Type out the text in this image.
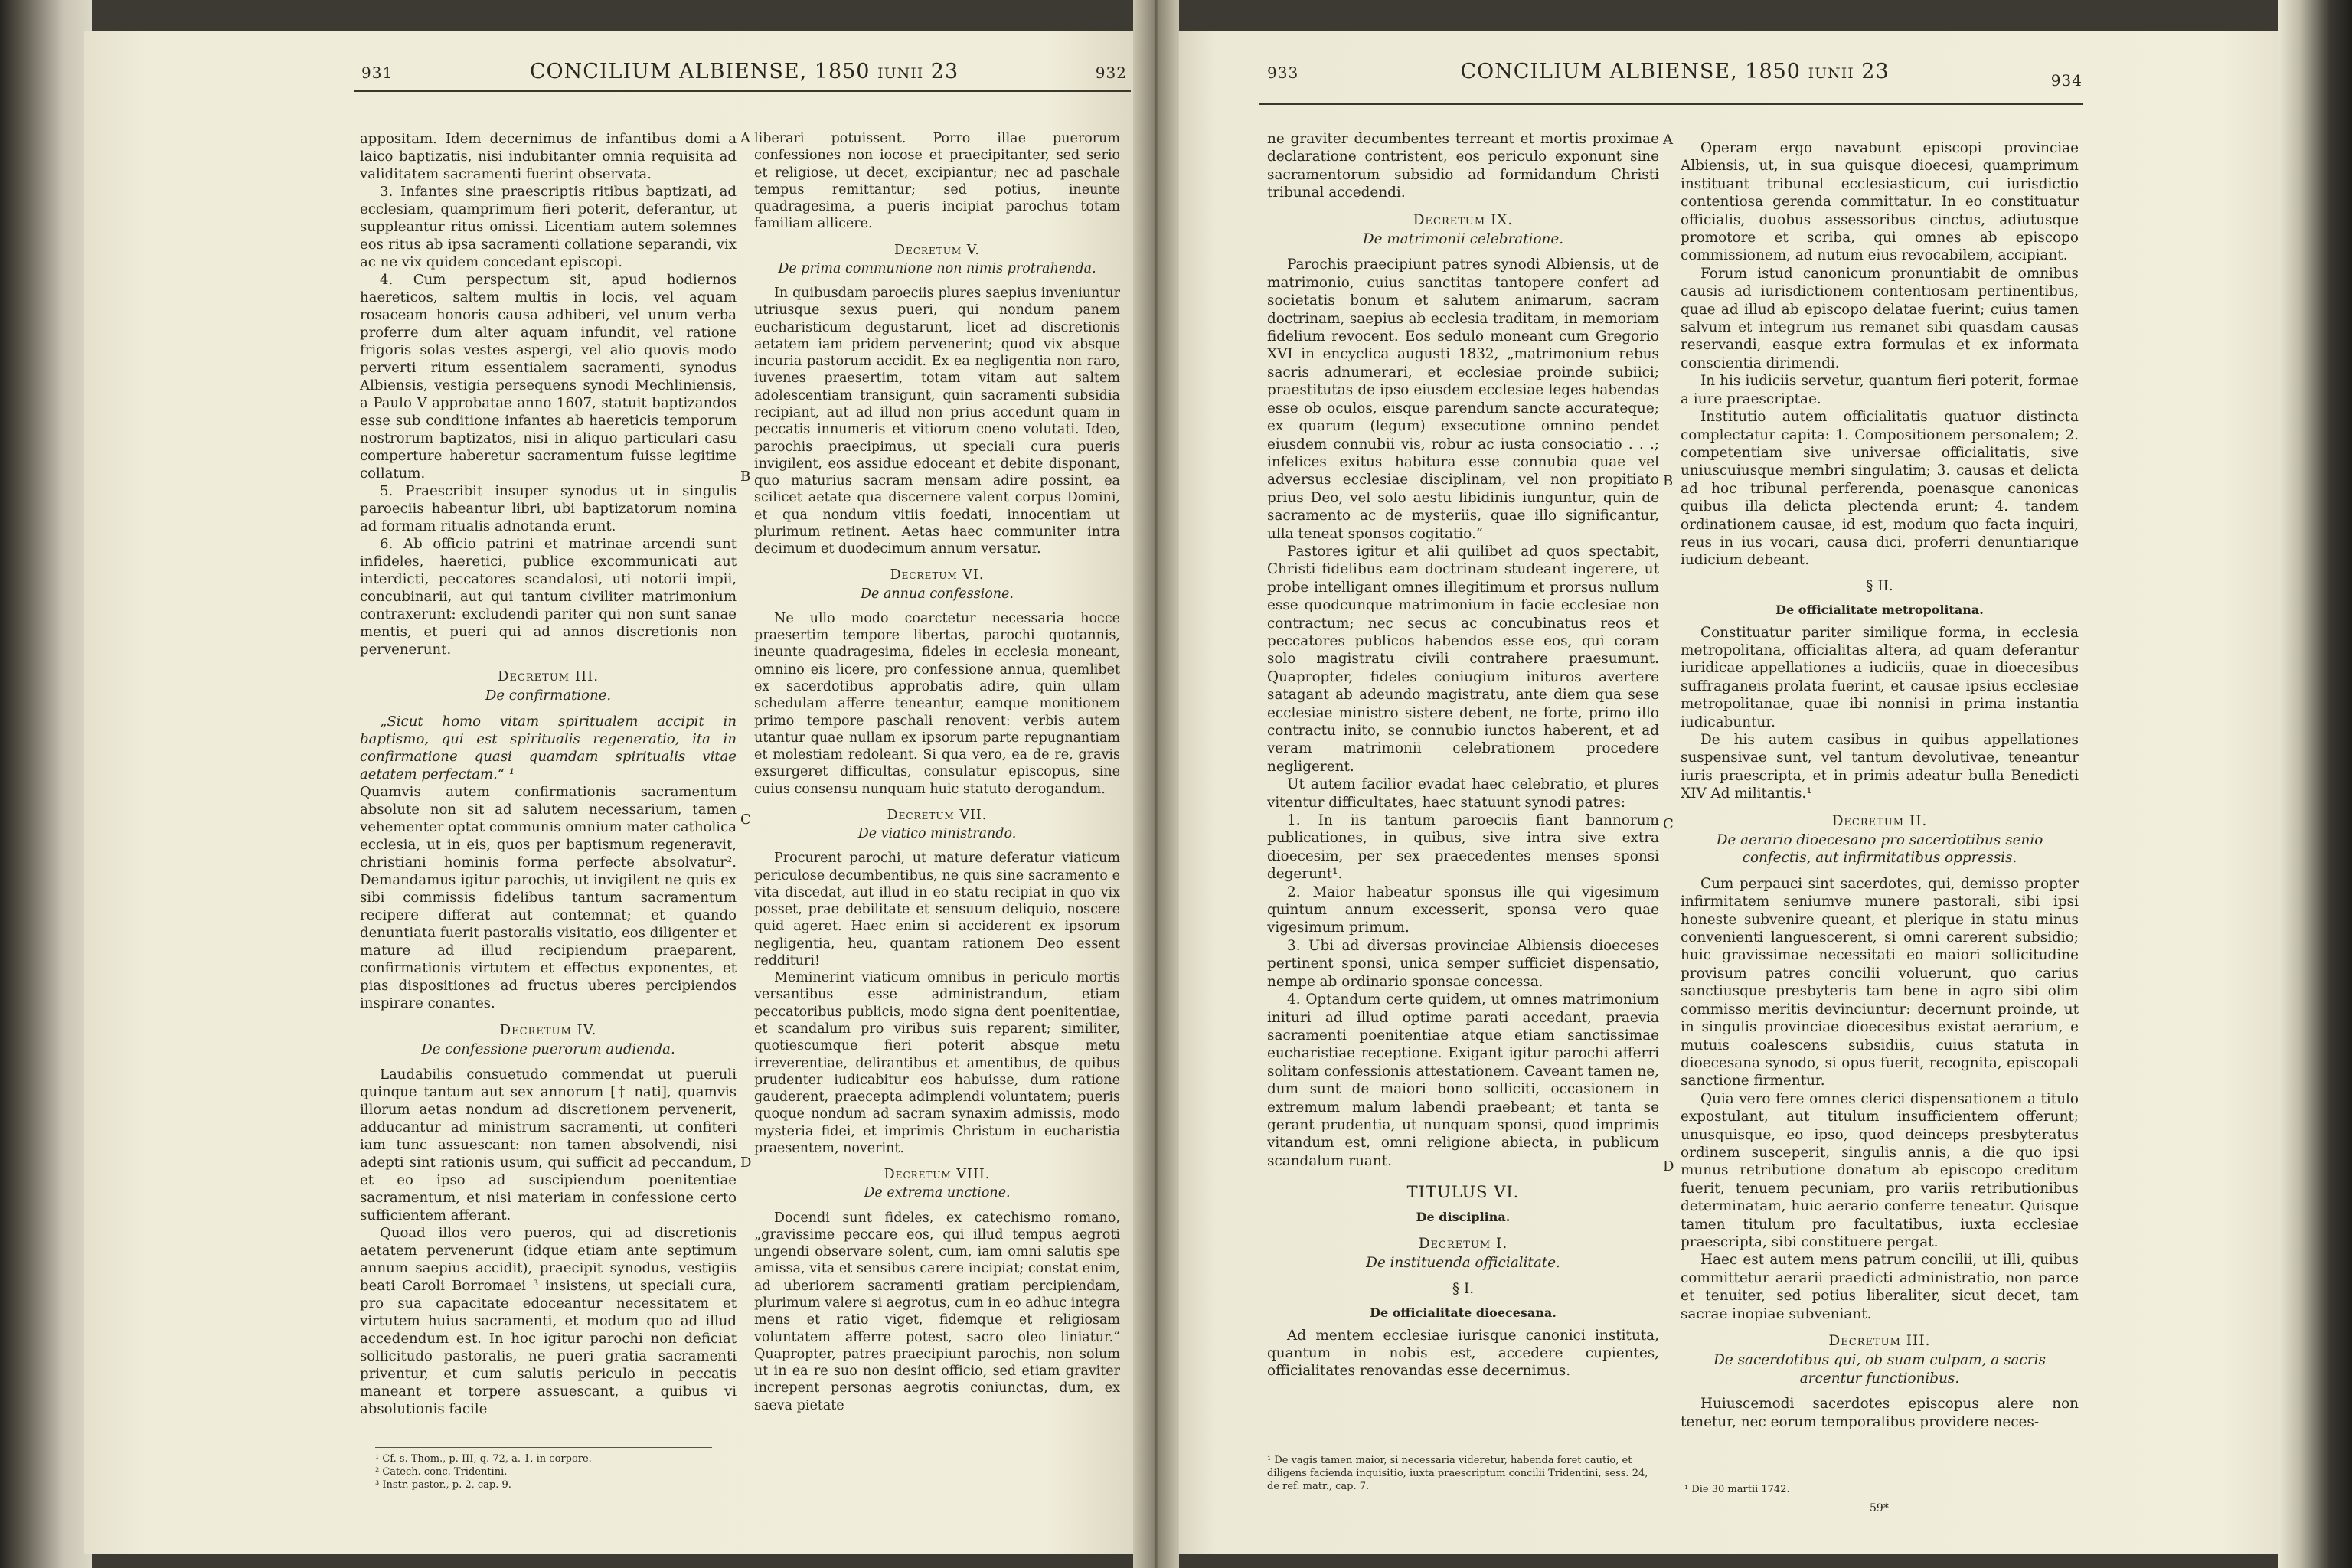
931	CONCILIUM ALBIENSE, 1850 iunii 23	932	933	CONCILIUM ALBIENSE, 1850 iunii 23	934

appositam. Idem decernimus de infantibus domi a laico baptizatis, nisi indubitanter omnia requisita ad validitatem sacramenti fuerint observata.

3. Infantes sine praescriptis ritibus baptizati, ad ecclesiam, quamprimum fieri poterit, deferantur, ut suppleantur ritus omissi. Licentiam autem solemnes eos ritus ab ipsa sacramenti collatione separandi, vix ac ne vix quidem concedant episcopi.

4. Cum perspectum sit, apud hodiernos haereticos, saltem multis in locis, vel aquam rosaceam honoris causa adhiberi, vel unum verba proferre dum alter aquam infundit, vel ratione frigoris solas vestes aspergi, vel alio quovis modo perverti ritum essentialem sacramenti, synodus Albiensis, vestigia persequens synodi Mechliniensis, a Paulo V approbatae anno 1607, statuit baptizandos esse sub conditione infantes ab haereticis temporum nostrorum baptizatos, nisi in aliquo particulari casu comperture haberetur sacramentum fuisse legitime collatum.

5. Praescribit insuper synodus ut in singulis paroeciis habeantur libri, ubi baptizatorum nomina ad formam ritualis adnotanda erunt.

6. Ab officio patrini et matrinae arcendi sunt infideles, haeretici, publice excommunicati aut interdicti, peccatores scandalosi, uti notorii impii, concubinarii, aut qui tantum civiliter matrimonium contraxerunt: excludendi pariter qui non sunt sanae mentis, et pueri qui ad annos discretionis non pervenerunt.

Decretum III.
De confirmatione.

„Sicut homo vitam spiritualem accipit in baptismo, qui est spiritualis regeneratio, ita in confirmatione quasi quamdam spiritualis vitae aetatem perfectam.“ ¹

Quamvis autem confirmationis sacramentum absolute non sit ad salutem necessarium, tamen vehementer optat communis omnium mater catholica ecclesia, ut in eis, quos per baptismum regeneravit, christiani hominis forma perfecte absolvatur². Demandamus igitur parochis, ut invigilent ne quis ex sibi commissis fidelibus tantum sacramentum recipere differat aut contemnat; et quando denuntiata fuerit pastoralis visitatio, eos diligenter et mature ad illud recipiendum praeparent, confirmationis virtutem et effectus exponentes, et pias dispositiones ad fructus uberes percipiendos inspirare conantes.

Decretum IV.
De confessione puerorum audienda.

Laudabilis consuetudo commendat ut pueruli quinque tantum aut sex annorum [† nati], quamvis illorum aetas nondum ad discretionem pervenerit, adducantur ad ministrum sacramenti, ut confiteri iam tunc assuescant: non tamen absolvendi, nisi adepti sint rationis usum, qui sufficit ad peccandum, et eo ipso ad suscipiendum poenitentiae sacramentum, et nisi materiam in confessione certo sufficientem afferant.

Quoad illos vero pueros, qui ad discretionis aetatem pervenerunt (idque etiam ante septimum annum saepius accidit), praecipit synodus, vestigiis beati Caroli Borromaei ³ insistens, ut speciali cura, pro sua capacitate edoceantur necessitatem et virtutem huius sacramenti, et modum quo ad illud accedendum est. In hoc igitur parochi non deficiat sollicitudo pastoralis, ne pueri gratia sacramenti priventur, et cum salutis periculo in peccatis maneant et torpere assuescant, a quibus vi absolutionis facile

liberari potuissent. Porro illae puerorum confessiones non iocose et praecipitanter, sed serio et religiose, ut decet, excipiantur; nec ad paschale tempus remittantur; sed potius, ineunte quadragesima, a pueris incipiat parochus totam familiam allicere.

Decretum V.
De prima communione non nimis protrahenda.

In quibusdam paroeciis plures saepius inveniuntur utriusque sexus pueri, qui nondum panem eucharisticum degustarunt, licet ad discretionis aetatem iam pridem pervenerint; quod vix absque incuria pastorum accidit. Ex ea negligentia non raro, iuvenes praesertim, totam vitam aut saltem adolescentiam transigunt, quin sacramenti subsidia recipiant, aut ad illud non prius accedunt quam in peccatis innumeris et vitiorum coeno volutati. Ideo, parochis praecipimus, ut speciali cura pueris invigilent, eos assidue edoceant et debite disponant, quo maturius sacram mensam adire possint, ea scilicet aetate qua discernere valent corpus Domini, et qua nondum vitiis foedati, innocentiam ut plurimum retinent. Aetas haec communiter intra decimum et duodecimum annum versatur.

Decretum VI.
De annua confessione.

Ne ullo modo coarctetur necessaria hocce praesertim tempore libertas, parochi quotannis, ineunte quadragesima, fideles in ecclesia moneant, omnino eis licere, pro confessione annua, quemlibet ex sacerdotibus approbatis adire, quin ullam schedulam afferre teneantur, eamque monitionem primo tempore paschali renovent: verbis autem utantur quae nullam ex ipsorum parte repugnantiam et molestiam redoleant. Si qua vero, ea de re, gravis exsurgeret difficultas, consulatur episcopus, sine cuius consensu nunquam huic statuto derogandum.

Decretum VII.
De viatico ministrando.

Procurent parochi, ut mature deferatur viaticum periculose decumbentibus, ne quis sine sacramento e vita discedat, aut illud in eo statu recipiat in quo vix posset, prae debilitate et sensuum deliquio, noscere quid ageret. Haec enim si acciderent ex ipsorum negligentia, heu, quantam rationem Deo essent reddituri!

Meminerint viaticum omnibus in periculo mortis versantibus esse administrandum, etiam peccatoribus publicis, modo signa dent poenitentiae, et scandalum pro viribus suis reparent; similiter, quotiescumque fieri poterit absque metu irreverentiae, delirantibus et amentibus, de quibus prudenter iudicabitur eos habuisse, dum ratione gauderent, praecepta adimplendi voluntatem; pueris quoque nondum ad sacram synaxim admissis, modo mysteria fidei, et imprimis Christum in eucharistia praesentem, noverint.

Decretum VIII.
De extrema unctione.

Docendi sunt fideles, ex catechismo romano, „gravissime peccare eos, qui illud tempus aegroti ungendi observare solent, cum, iam omni salutis spe amissa, vita et sensibus carere incipiat; constat enim, ad uberiorem sacramenti gratiam percipiendam, plurimum valere si aegrotus, cum in eo adhuc integra mens et ratio viget, fidemque et religiosam voluntatem afferre potest, sacro oleo liniatur.“ Quapropter, patres praecipiunt parochis, non solum ut in ea re suo non desint officio, sed etiam graviter increpent personas aegrotis coniunctas, dum, ex saeva pietate

ne graviter decumbentes terreant et mortis proximae declaratione contristent, eos periculo exponunt sine sacramentorum subsidio ad formidandum Christi tribunal accedendi.

Decretum IX.
De matrimonii celebratione.

Parochis praecipiunt patres synodi Albiensis, ut de matrimonio, cuius sanctitas tantopere confert ad societatis bonum et salutem animarum, sacram doctrinam, saepius ab ecclesia traditam, in memoriam fidelium revocent. Eos sedulo moneant cum Gregorio XVI in encyclica augusti 1832, „matrimonium rebus sacris adnumerari, et ecclesiae proinde subiici; praestitutas de ipso eiusdem ecclesiae leges habendas esse ob oculos, eisque parendum sancte accurateque; ex quarum (legum) exsecutione omnino pendet eiusdem connubii vis, robur ac iusta consociatio . . .; infelices exitus habitura esse connubia quae vel adversus ecclesiae disciplinam, vel non propitiato prius Deo, vel solo aestu libidinis iunguntur, quin de sacramento ac de mysteriis, quae illo significantur, ulla teneat sponsos cogitatio.“

Pastores igitur et alii quilibet ad quos spectabit, Christi fidelibus eam doctrinam studeant ingerere, ut probe intelligant omnes illegitimum et prorsus nullum esse quodcunque matrimonium in facie ecclesiae non contractum; nec secus ac concubinatus reos et peccatores publicos habendos esse eos, qui coram solo magistratu civili contrahere praesumunt. Quapropter, fideles coniugium inituros avertere satagant ab adeundo magistratu, ante diem qua sese ecclesiae ministro sistere debent, ne forte, primo illo contractu inito, se connubio iunctos haberent, et ad veram matrimonii celebrationem procedere negligerent.

Ut autem facilior evadat haec celebratio, et plures vitentur difficultates, haec statuunt synodi patres:

1. In iis tantum paroeciis fiant bannorum publicationes, in quibus, sive intra sive extra dioecesim, per sex praecedentes menses sponsi degerunt¹.

2. Maior habeatur sponsus ille qui vigesimum quintum annum excesserit, sponsa vero quae vigesimum primum.

3. Ubi ad diversas provinciae Albiensis dioeceses pertinent sponsi, unica semper sufficiet dispensatio, nempe ab ordinario sponsae concessa.

4. Optandum certe quidem, ut omnes matrimonium inituri ad illud optime parati accedant, praevia sacramenti poenitentiae atque etiam sanctissimae eucharistiae receptione. Exigant igitur parochi afferri solitam confessionis attestationem. Caveant tamen ne, dum sunt de maiori bono solliciti, occasionem in extremum malum labendi praebeant; et tanta se gerant prudentia, ut nunquam sponsi, quod imprimis vitandum est, omni religione abiecta, in publicum scandalum ruant.

TITULUS VI.
De disciplina.
Decretum I.
De instituenda officialitate.
§ I.
De officialitate dioecesana.

Ad mentem ecclesiae iurisque canonici instituta, quantum in nobis est, accedere cupientes, officialitates renovandas esse decernimus.

Operam ergo navabunt episcopi provinciae Albiensis, ut, in sua quisque dioecesi, quamprimum instituant tribunal ecclesiasticum, cui iurisdictio contentiosa gerenda committatur. In eo constituatur officialis, duobus assessoribus cinctus, adiutusque promotore et scriba, qui omnes ab episcopo commissionem, ad nutum eius revocabilem, accipiant.

Forum istud canonicum pronuntiabit de omnibus causis ad iurisdictionem contentiosam pertinentibus, quae ad illud ab episcopo delatae fuerint; cuius tamen salvum et integrum ius remanet sibi quasdam causas reservandi, easque extra formulas et ex informata conscientia dirimendi.

In his iudiciis servetur, quantum fieri poterit, formae a iure praescriptae.

Institutio autem officialitatis quatuor distincta complectatur capita: 1. Compositionem personalem; 2. competentiam sive universae officialitatis, sive uniuscuiusque membri singulatim; 3. causas et delicta ad hoc tribunal perferenda, poenasque canonicas quibus illa delicta plectenda erunt; 4. tandem ordinationem causae, id est, modum quo facta inquiri, reus in ius vocari, causa dici, proferri denuntiarique iudicium debeant.

§ II.
De officialitate metropolitana.

Constituatur pariter similique forma, in ecclesia metropolitana, officialitas altera, ad quam deferantur iuridicae appellationes a iudiciis, quae in dioecesibus suffraganeis prolata fuerint, et causae ipsius ecclesiae metropolitanae, quae ibi nonnisi in prima instantia iudicabuntur.

De his autem casibus in quibus appellationes suspensivae sunt, vel tantum devolutivae, teneantur iuris praescripta, et in primis adeatur bulla Benedicti XIV Ad militantis.¹

Decretum II.
De aerario dioecesano pro sacerdotibus senio confectis, aut infirmitatibus oppressis.

Cum perpauci sint sacerdotes, qui, demisso propter infirmitatem seniumve munere pastorali, sibi ipsi honeste subvenire queant, et plerique in statu minus convenienti languescerent, si omni carerent subsidio; huic gravissimae necessitati eo maiori sollicitudine provisum patres concilii voluerunt, quo carius sanctiusque presbyteris tam bene in agro sibi olim commisso meritis devinciuntur: decernunt proinde, ut in singulis provinciae dioecesibus existat aerarium, e mutuis coalescens subsidiis, cuius statuta in dioecesana synodo, si opus fuerit, recognita, episcopali sanctione firmentur.

Quia vero fere omnes clerici dispensationem a titulo expostulant, aut titulum insufficientem offerunt; unusquisque, eo ipso, quod deinceps presbyteratus ordinem susceperit, singulis annis, a die quo ipsi munus retributione donatum ab episcopo creditum fuerit, tenuem pecuniam, pro variis retributionibus determinatam, huic aerario conferre teneatur. Quisque tamen titulum pro facultatibus, iuxta ecclesiae praescripta, sibi constituere pergat.

Haec est autem mens patrum concilii, ut illi, quibus committetur aerarii praedicti administratio, non parce et tenuiter, sed potius liberaliter, sicut decet, tam sacrae inopiae subveniant.

Decretum III.
De sacerdotibus qui, ob suam culpam, a sacris arcentur functionibus.

Huiuscemodi sacerdotes episcopus alere non tenetur, nec eorum temporalibus providere neces-

¹ Cf. s. Thom., p. III, q. 72, a. 1, in corpore.
² Catech. conc. Tridentini.
³ Instr. pastor., p. 2, cap. 9.
¹ De vagis tamen maior, si necessaria videretur, habenda foret cautio, et diligens facienda inquisitio, iuxta praescriptum concilii Tridentini, sess. 24, de ref. matr., cap. 7.	¹ Die 30 martii 1742.
59*
A
B
C
D
A
B
C
D
